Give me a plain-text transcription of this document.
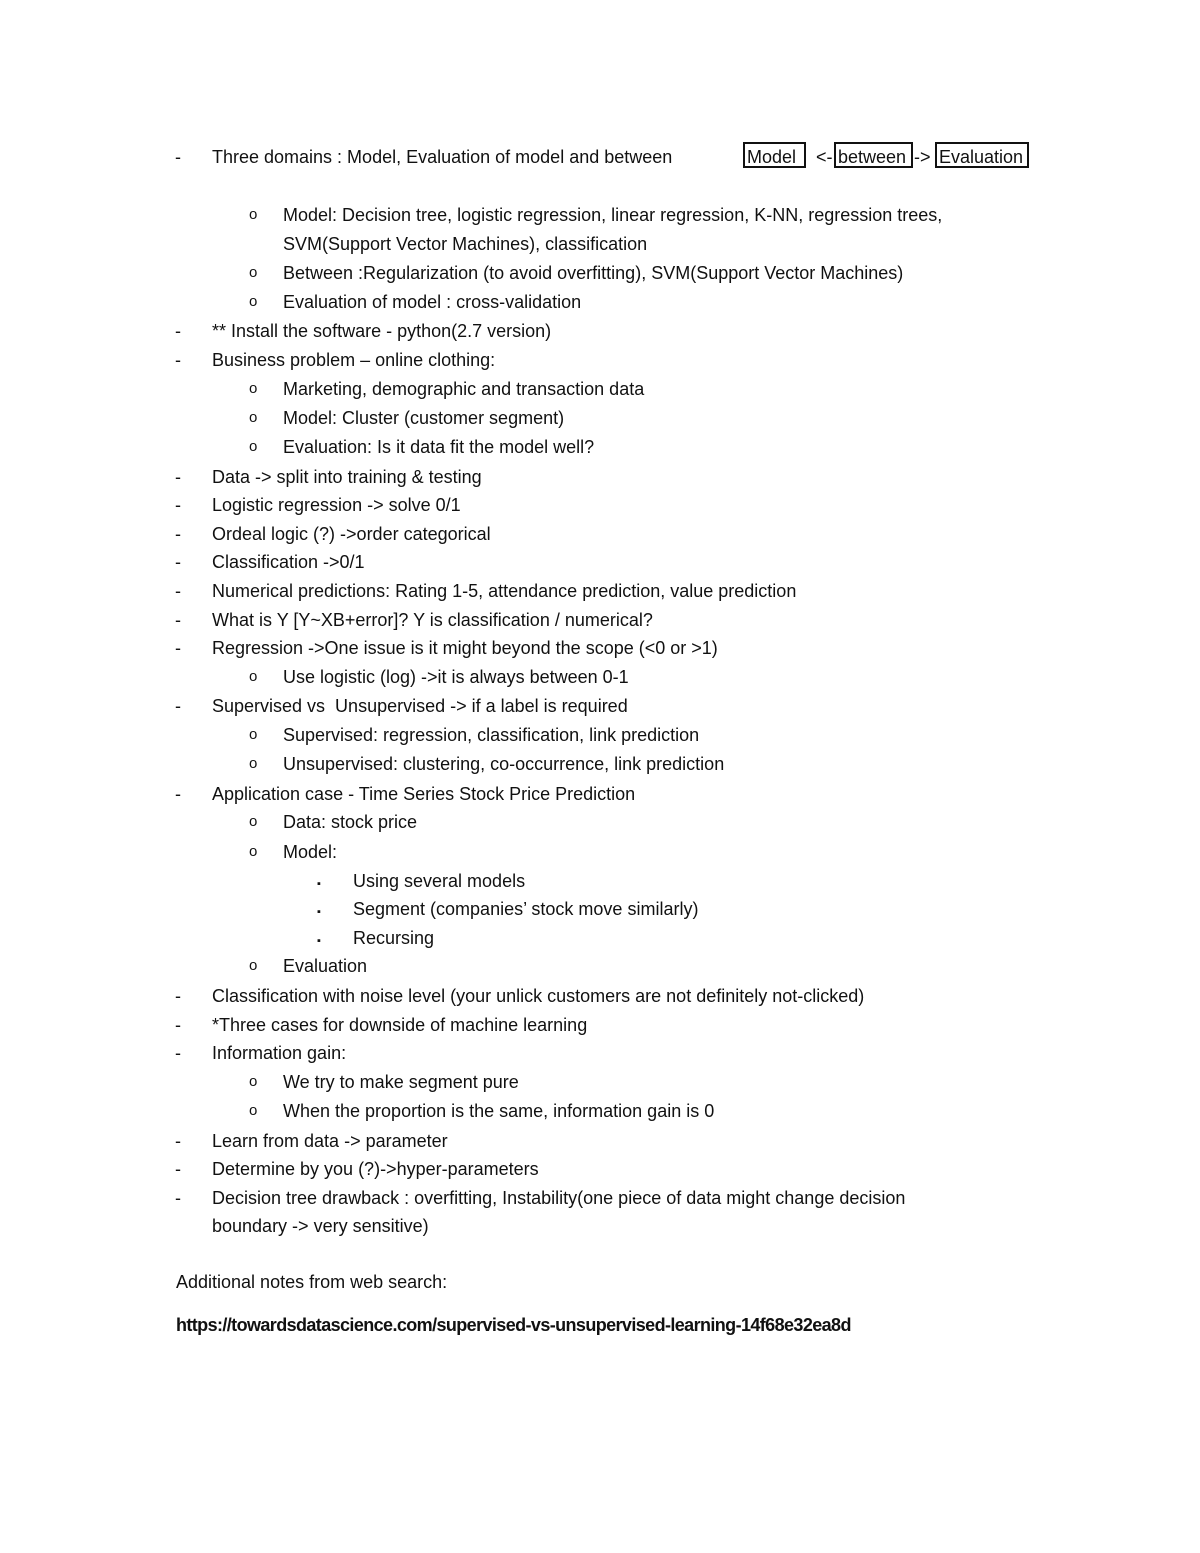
- Three domains : Model, Evaluation of model and between	Model	<- between -> Evaluation
o Model: Decision tree, logistic regression, linear regression, K-NN, regression trees,
SVM(Support Vector Machines), classification
o Between :Regularization (to avoid overfitting), SVM(Support Vector Machines)
o Evaluation of model : cross-validation
- ** Install the software - python(2.7 version)
- Business problem – online clothing:
o Marketing, demographic and transaction data
o Model: Cluster (customer segment)
o Evaluation: Is it data fit the model well?
- Data -> split into training & testing
- Logistic regression -> solve 0/1
- Ordeal logic (?) ->order categorical
- Classification ->0/1
- Numerical predictions: Rating 1-5, attendance prediction, value prediction
- What is Y [Y~XB+error]? Y is classification / numerical?
- Regression ->One issue is it might beyond the scope (<0 or >1)
o Use logistic (log) ->it is always between 0-1
- Supervised vs  Unsupervised -> if a label is required
o Supervised: regression, classification, link prediction
o Unsupervised: clustering, co-occurrence, link prediction
- Application case - Time Series Stock Price Prediction
o Data: stock price
o Model:
▪ Using several models
▪ Segment (companies’ stock move similarly)
▪ Recursing
o Evaluation
- Classification with noise level (your unlick customers are not definitely not-clicked)
- *Three cases for downside of machine learning
- Information gain:
o We try to make segment pure
o When the proportion is the same, information gain is 0
- Learn from data -> parameter
- Determine by you (?)->hyper-parameters
- Decision tree drawback : overfitting, Instability(one piece of data might change decision
boundary -> very sensitive)
Additional notes from web search:
https://towardsdatascience.com/supervised-vs-unsupervised-learning-14f68e32ea8d
